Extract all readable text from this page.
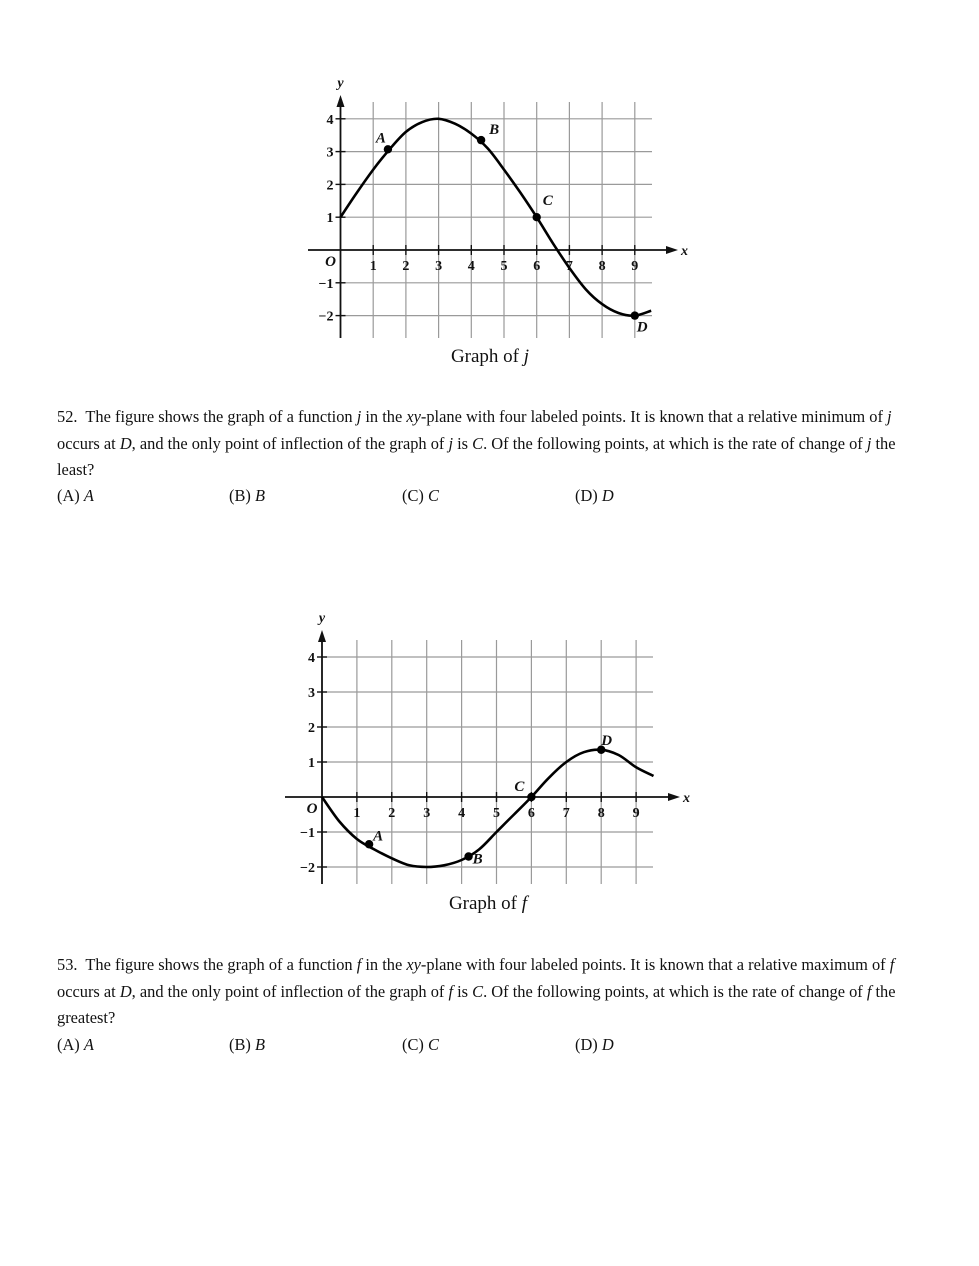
x
y
O 1 2 3 4 5 6 7 8 9
4
3
2
1
−1
−2
A
B
C
D
Graph of j
52. The figure shows the graph of a function j in the xy-plane with four labeled points. It is known that a relative minimum of j occurs at D, and the only point of inflection of the graph of j is C. Of the following points, at which is the rate of change of j the least?
(A) A	(B) B	(C) C	(D) D
x
y
O	1 2 3 4 5 6 7 8 9
4
3
2
1
−1
−2
A
B
C
D
Graph of f
53. The figure shows the graph of a function f in the xy-plane with four labeled points. It is known that a relative maximum of f occurs at D, and the only point of inflection of the graph of f is C. Of the following points, at which is the rate of change of f the greatest?
(A) A	(B) B	(C) C	(D) D
